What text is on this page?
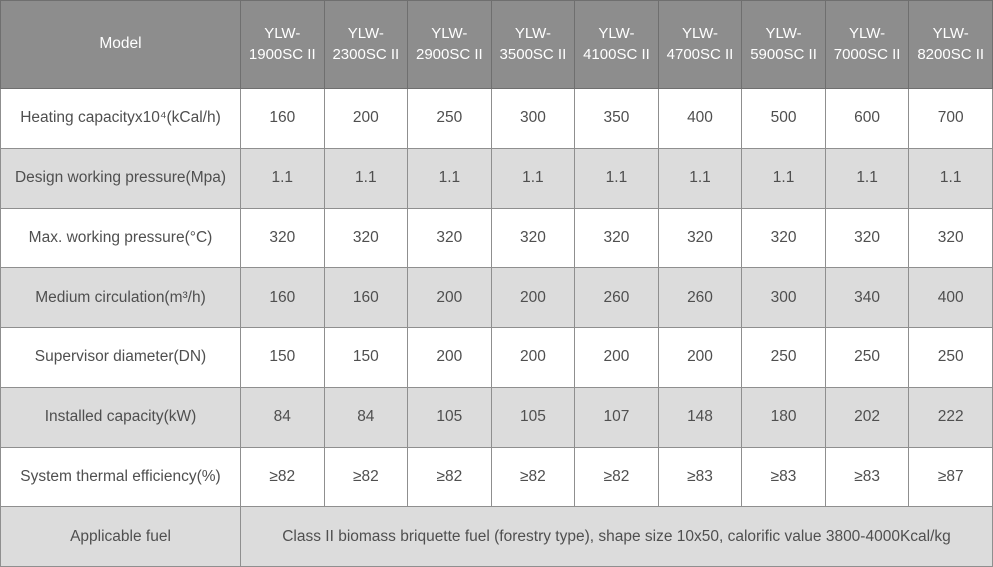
Model	YLW-1900SC II	YLW-2300SC II	YLW-2900SC II	YLW-3500SC II	YLW-4100SC II	YLW-4700SC II	YLW-5900SC II	YLW-7000SC II	YLW-8200SC II
Heating capacityx10⁴(kCal/h)	160	200	250	300	350	400	500	600	700
Design working pressure(Mpa)	1.1	1.1	1.1	1.1	1.1	1.1	1.1	1.1	1.1
Max. working pressure(°C)	320	320	320	320	320	320	320	320	320
Medium circulation(m³/h)	160	160	200	200	260	260	300	340	400
Supervisor diameter(DN)	150	150	200	200	200	200	250	250	250
Installed capacity(kW)	84	84	105	105	107	148	180	202	222
System thermal efficiency(%)	≥82	≥82	≥82	≥82	≥82	≥83	≥83	≥83	≥87
Applicable fuel	Class II biomass briquette fuel (forestry type), shape size 10x50, calorific value 3800-4000Kcal/kg								
